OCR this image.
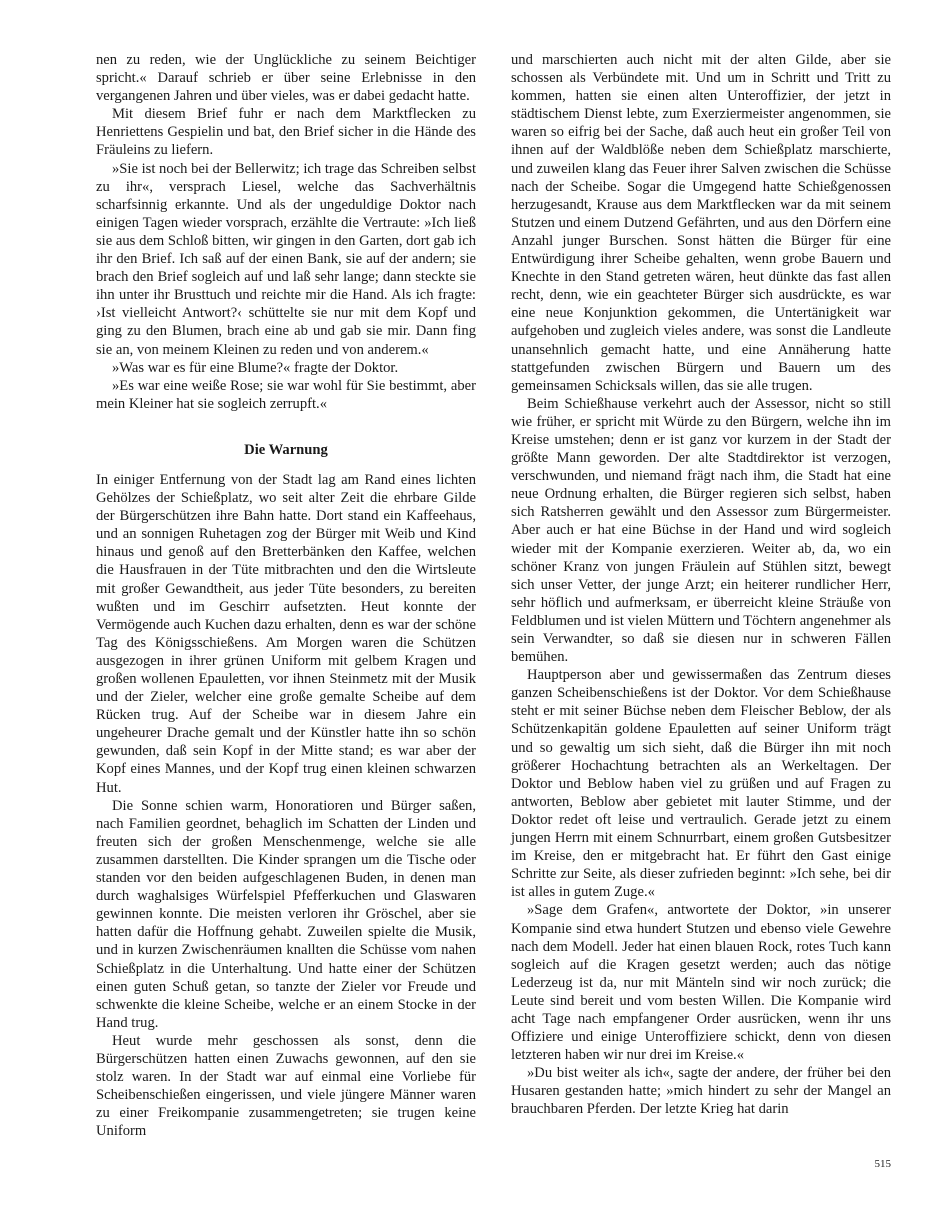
nen zu reden, wie der Unglückliche zu seinem Beichtiger spricht.« Darauf schrieb er über seine Erlebnisse in den vergangenen Jahren und über vieles, was er dabei gedacht hatte.

Mit diesem Brief fuhr er nach dem Marktflecken zu Henriettens Gespielin und bat, den Brief sicher in die Hände des Fräuleins zu liefern.

»Sie ist noch bei der Bellerwitz; ich trage das Schreiben selbst zu ihr«, versprach Liesel, welche das Sachverhältnis scharfsinnig erkannte. Und als der ungeduldige Doktor nach einigen Tagen wieder vorsprach, erzählte die Vertraute: »Ich ließ sie aus dem Schloß bitten, wir gingen in den Garten, dort gab ich ihr den Brief. Ich saß auf der einen Bank, sie auf der andern; sie brach den Brief sogleich auf und laß sehr lange; dann steckte sie ihn unter ihr Brusttuch und reichte mir die Hand. Als ich fragte: ›Ist vielleicht Antwort?‹ schüttelte sie nur mit dem Kopf und ging zu den Blumen, brach eine ab und gab sie mir. Dann fing sie an, von meinem Kleinen zu reden und von anderem.«

»Was war es für eine Blume?« fragte der Doktor.

»Es war eine weiße Rose; sie war wohl für Sie bestimmt, aber mein Kleiner hat sie sogleich zerrupft.«

Die Warnung

In einiger Entfernung von der Stadt lag am Rand eines lichten Gehölzes der Schießplatz, wo seit alter Zeit die ehrbare Gilde der Bürgerschützen ihre Bahn hatte. Dort stand ein Kaffeehaus, und an sonnigen Ruhetagen zog der Bürger mit Weib und Kind hinaus und genoß auf den Bretterbänken den Kaffee, welchen die Hausfrauen in der Tüte mitbrachten und den die Wirtsleute mit großer Gewandtheit, aus jeder Tüte besonders, zu bereiten wußten und im Geschirr aufsetzten. Heut konnte der Vermögende auch Kuchen dazu erhalten, denn es war der schöne Tag des Königsschießens. Am Morgen waren die Schützen ausgezogen in ihrer grünen Uniform mit gelbem Kragen und großen wollenen Epauletten, vor ihnen Steinmetz mit der Musik und der Zieler, welcher eine große gemalte Scheibe auf dem Rücken trug. Auf der Scheibe war in diesem Jahre ein ungeheurer Drache gemalt und der Künstler hatte ihn so schön gewunden, daß sein Kopf in der Mitte stand; es war aber der Kopf eines Mannes, und der Kopf trug einen kleinen schwarzen Hut.

Die Sonne schien warm, Honoratioren und Bürger saßen, nach Familien geordnet, behaglich im Schatten der Linden und freuten sich der großen Menschenmenge, welche sie alle zusammen darstellten. Die Kinder sprangen um die Tische oder standen vor den beiden aufgeschlagenen Buden, in denen man durch waghalsiges Würfelspiel Pfefferkuchen und Glaswaren gewinnen konnte. Die meisten verloren ihr Gröschel, aber sie hatten dafür die Hoffnung gehabt. Zuweilen spielte die Musik, und in kurzen Zwischenräumen knallten die Schüsse vom nahen Schießplatz in die Unterhaltung. Und hatte einer der Schützen einen guten Schuß getan, so tanzte der Zieler vor Freude und schwenkte die kleine Scheibe, welche er an einem Stocke in der Hand trug.

Heut wurde mehr geschossen als sonst, denn die Bürgerschützen hatten einen Zuwachs gewonnen, auf den sie stolz waren. In der Stadt war auf einmal eine Vorliebe für Scheibenschießen eingerissen, und viele jüngere Männer waren zu einer Freikompanie zusammengetreten; sie trugen keine Uniform

und marschierten auch nicht mit der alten Gilde, aber sie schossen als Verbündete mit. Und um in Schritt und Tritt zu kommen, hatten sie einen alten Unteroffizier, der jetzt in städtischem Dienst lebte, zum Exerziermeister angenommen, sie waren so eifrig bei der Sache, daß auch heut ein großer Teil von ihnen auf der Waldblöße neben dem Schießplatz marschierte, und zuweilen klang das Feuer ihrer Salven zwischen die Schüsse nach der Scheibe. Sogar die Umgegend hatte Schießgenossen herzugesandt, Krause aus dem Marktflecken war da mit seinem Stutzen und einem Dutzend Gefährten, und aus den Dörfern eine Anzahl junger Burschen. Sonst hätten die Bürger für eine Entwürdigung ihrer Scheibe gehalten, wenn grobe Bauern und Knechte in den Stand getreten wären, heut dünkte das fast allen recht, denn, wie ein geachteter Bürger sich ausdrückte, es war eine neue Konjunktion gekommen, die Untertänigkeit war aufgehoben und zugleich vieles andere, was sonst die Landleute unansehnlich gemacht hatte, und eine Annäherung hatte stattgefunden zwischen Bürgern und Bauern um des gemeinsamen Schicksals willen, das sie alle trugen.

Beim Schießhause verkehrt auch der Assessor, nicht so still wie früher, er spricht mit Würde zu den Bürgern, welche ihn im Kreise umstehen; denn er ist ganz vor kurzem in der Stadt der größte Mann geworden. Der alte Stadtdirektor ist verzogen, verschwunden, und niemand frägt nach ihm, die Stadt hat eine neue Ordnung erhalten, die Bürger regieren sich selbst, haben sich Ratsherren gewählt und den Assessor zum Bürgermeister. Aber auch er hat eine Büchse in der Hand und wird sogleich wieder mit der Kompanie exerzieren. Weiter ab, da, wo ein schöner Kranz von jungen Fräulein auf Stühlen sitzt, bewegt sich unser Vetter, der junge Arzt; ein heiterer rundlicher Herr, sehr höflich und aufmerksam, er überreicht kleine Sträuße von Feldblumen und ist vielen Müttern und Töchtern angenehmer als sein Verwandter, so daß sie diesen nur in schweren Fällen bemühen.

Hauptperson aber und gewissermaßen das Zentrum dieses ganzen Scheibenschießens ist der Doktor. Vor dem Schießhause steht er mit seiner Büchse neben dem Fleischer Beblow, der als Schützenkapitän goldene Epauletten auf seiner Uniform trägt und so gewaltig um sich sieht, daß die Bürger ihn mit noch größerer Hochachtung betrachten als an Werkeltagen. Der Doktor und Beblow haben viel zu grüßen und auf Fragen zu antworten, Beblow aber gebietet mit lauter Stimme, und der Doktor redet oft leise und vertraulich. Gerade jetzt zu einem jungen Herrn mit einem Schnurrbart, einem großen Gutsbesitzer im Kreise, den er mitgebracht hat. Er führt den Gast einige Schritte zur Seite, als dieser zufrieden beginnt: »Ich sehe, bei dir ist alles in gutem Zuge.«

»Sage dem Grafen«, antwortete der Doktor, »in unserer Kompanie sind etwa hundert Stutzen und ebenso viele Gewehre nach dem Modell. Jeder hat einen blauen Rock, rotes Tuch kann sogleich auf die Kragen gesetzt werden; auch das nötige Lederzeug ist da, nur mit Mänteln sind wir noch zurück; die Leute sind bereit und vom besten Willen. Die Kompanie wird acht Tage nach empfangener Order ausrücken, wenn ihr uns Offiziere und einige Unteroffiziere schickt, denn von diesen letzteren haben wir nur drei im Kreise.«

»Du bist weiter als ich«, sagte der andere, der früher bei den Husaren gestanden hatte; »mich hindert zu sehr der Mangel an brauchbaren Pferden. Der letzte Krieg hat darin

515
